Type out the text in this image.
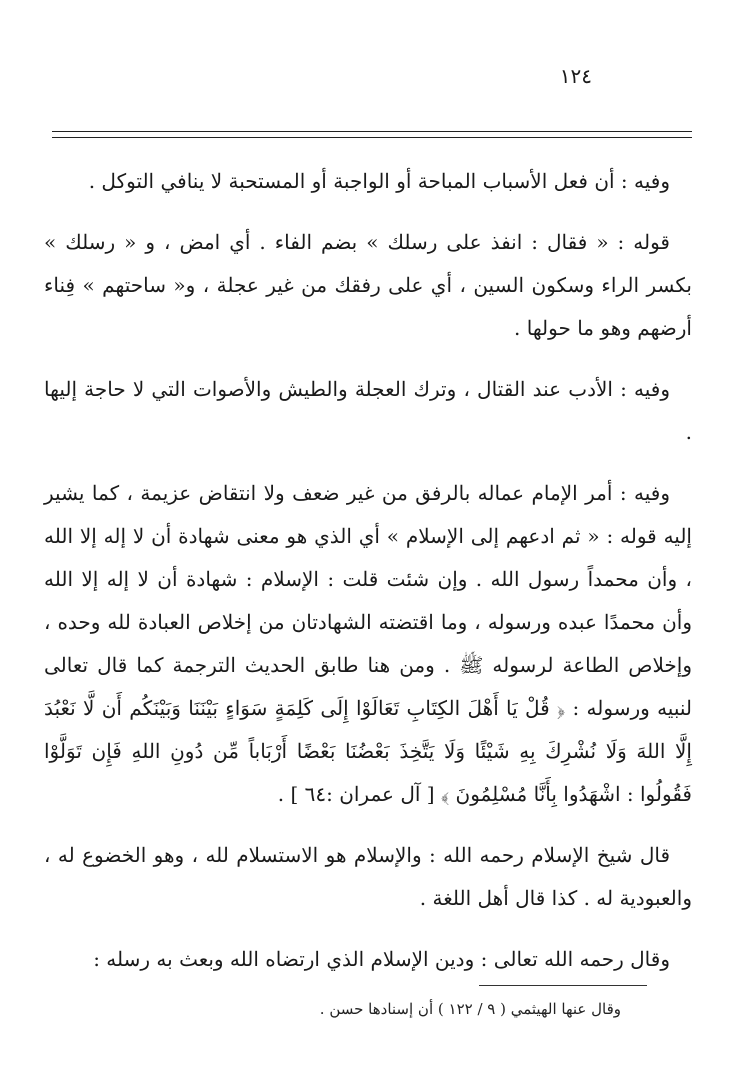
١٢٤

وفيه : أن فعل الأسباب المباحة أو الواجبة أو المستحبة لا ينافي التوكل .

قوله : « فقال : انفذ على رسلك » بضم الفاء . أي امض ، و « رسلك » بكسر الراء وسكون السين ، أي على رفقك من غير عجلة ، و« ساحتهم » فِناء أرضهم وهو ما حولها .

وفيه : الأدب عند القتال ، وترك العجلة والطيش والأصوات التي لا حاجة إليها .

وفيه : أمر الإمام عماله بالرفق من غير ضعف ولا انتقاض عزيمة ، كما يشير إليه قوله : « ثم ادعهم إلى الإسلام » أي الذي هو معنى شهادة أن لا إله إلا الله ، وأن محمداً رسول الله . وإن شئت قلت : الإسلام : شهادة أن لا إله إلا الله وأن محمدًا عبده ورسوله ، وما اقتضته الشهادتان من إخلاص العبادة لله وحده ، وإخلاص الطاعة لرسوله ﷺ . ومن هنا طابق الحديث الترجمة كما قال تعالى لنبيه ورسوله : ﴿ قُلْ يَا أَهْلَ الكِتَابِ تَعَالَوْا إِلَى كَلِمَةٍ سَوَاءٍ بَيْنَنَا وَبَيْنَكُم أَن لَّا نَعْبُدَ إِلَّا اللهَ وَلَا نُشْرِكَ بِهِ شَيْئًا وَلَا يَتَّخِذَ بَعْضُنَا بَعْضًا أَرْبَاباً مِّن دُونِ اللهِ فَإِن تَوَلَّوْا فَقُولُوا : اشْهَدُوا بِأَنَّا مُسْلِمُونَ ﴾ [ آل عمران :٦٤ ] .

قال شيخ الإسلام رحمه الله : والإسلام هو الاستسلام لله ، وهو الخضوع له ، والعبودية له . كذا قال أهل اللغة .

وقال رحمه الله تعالى : ودين الإسلام الذي ارتضاه الله وبعث به رسله :

وقال عنها الهيثمي ( ٩ / ١٢٢ ) أن إسنادها حسن .
